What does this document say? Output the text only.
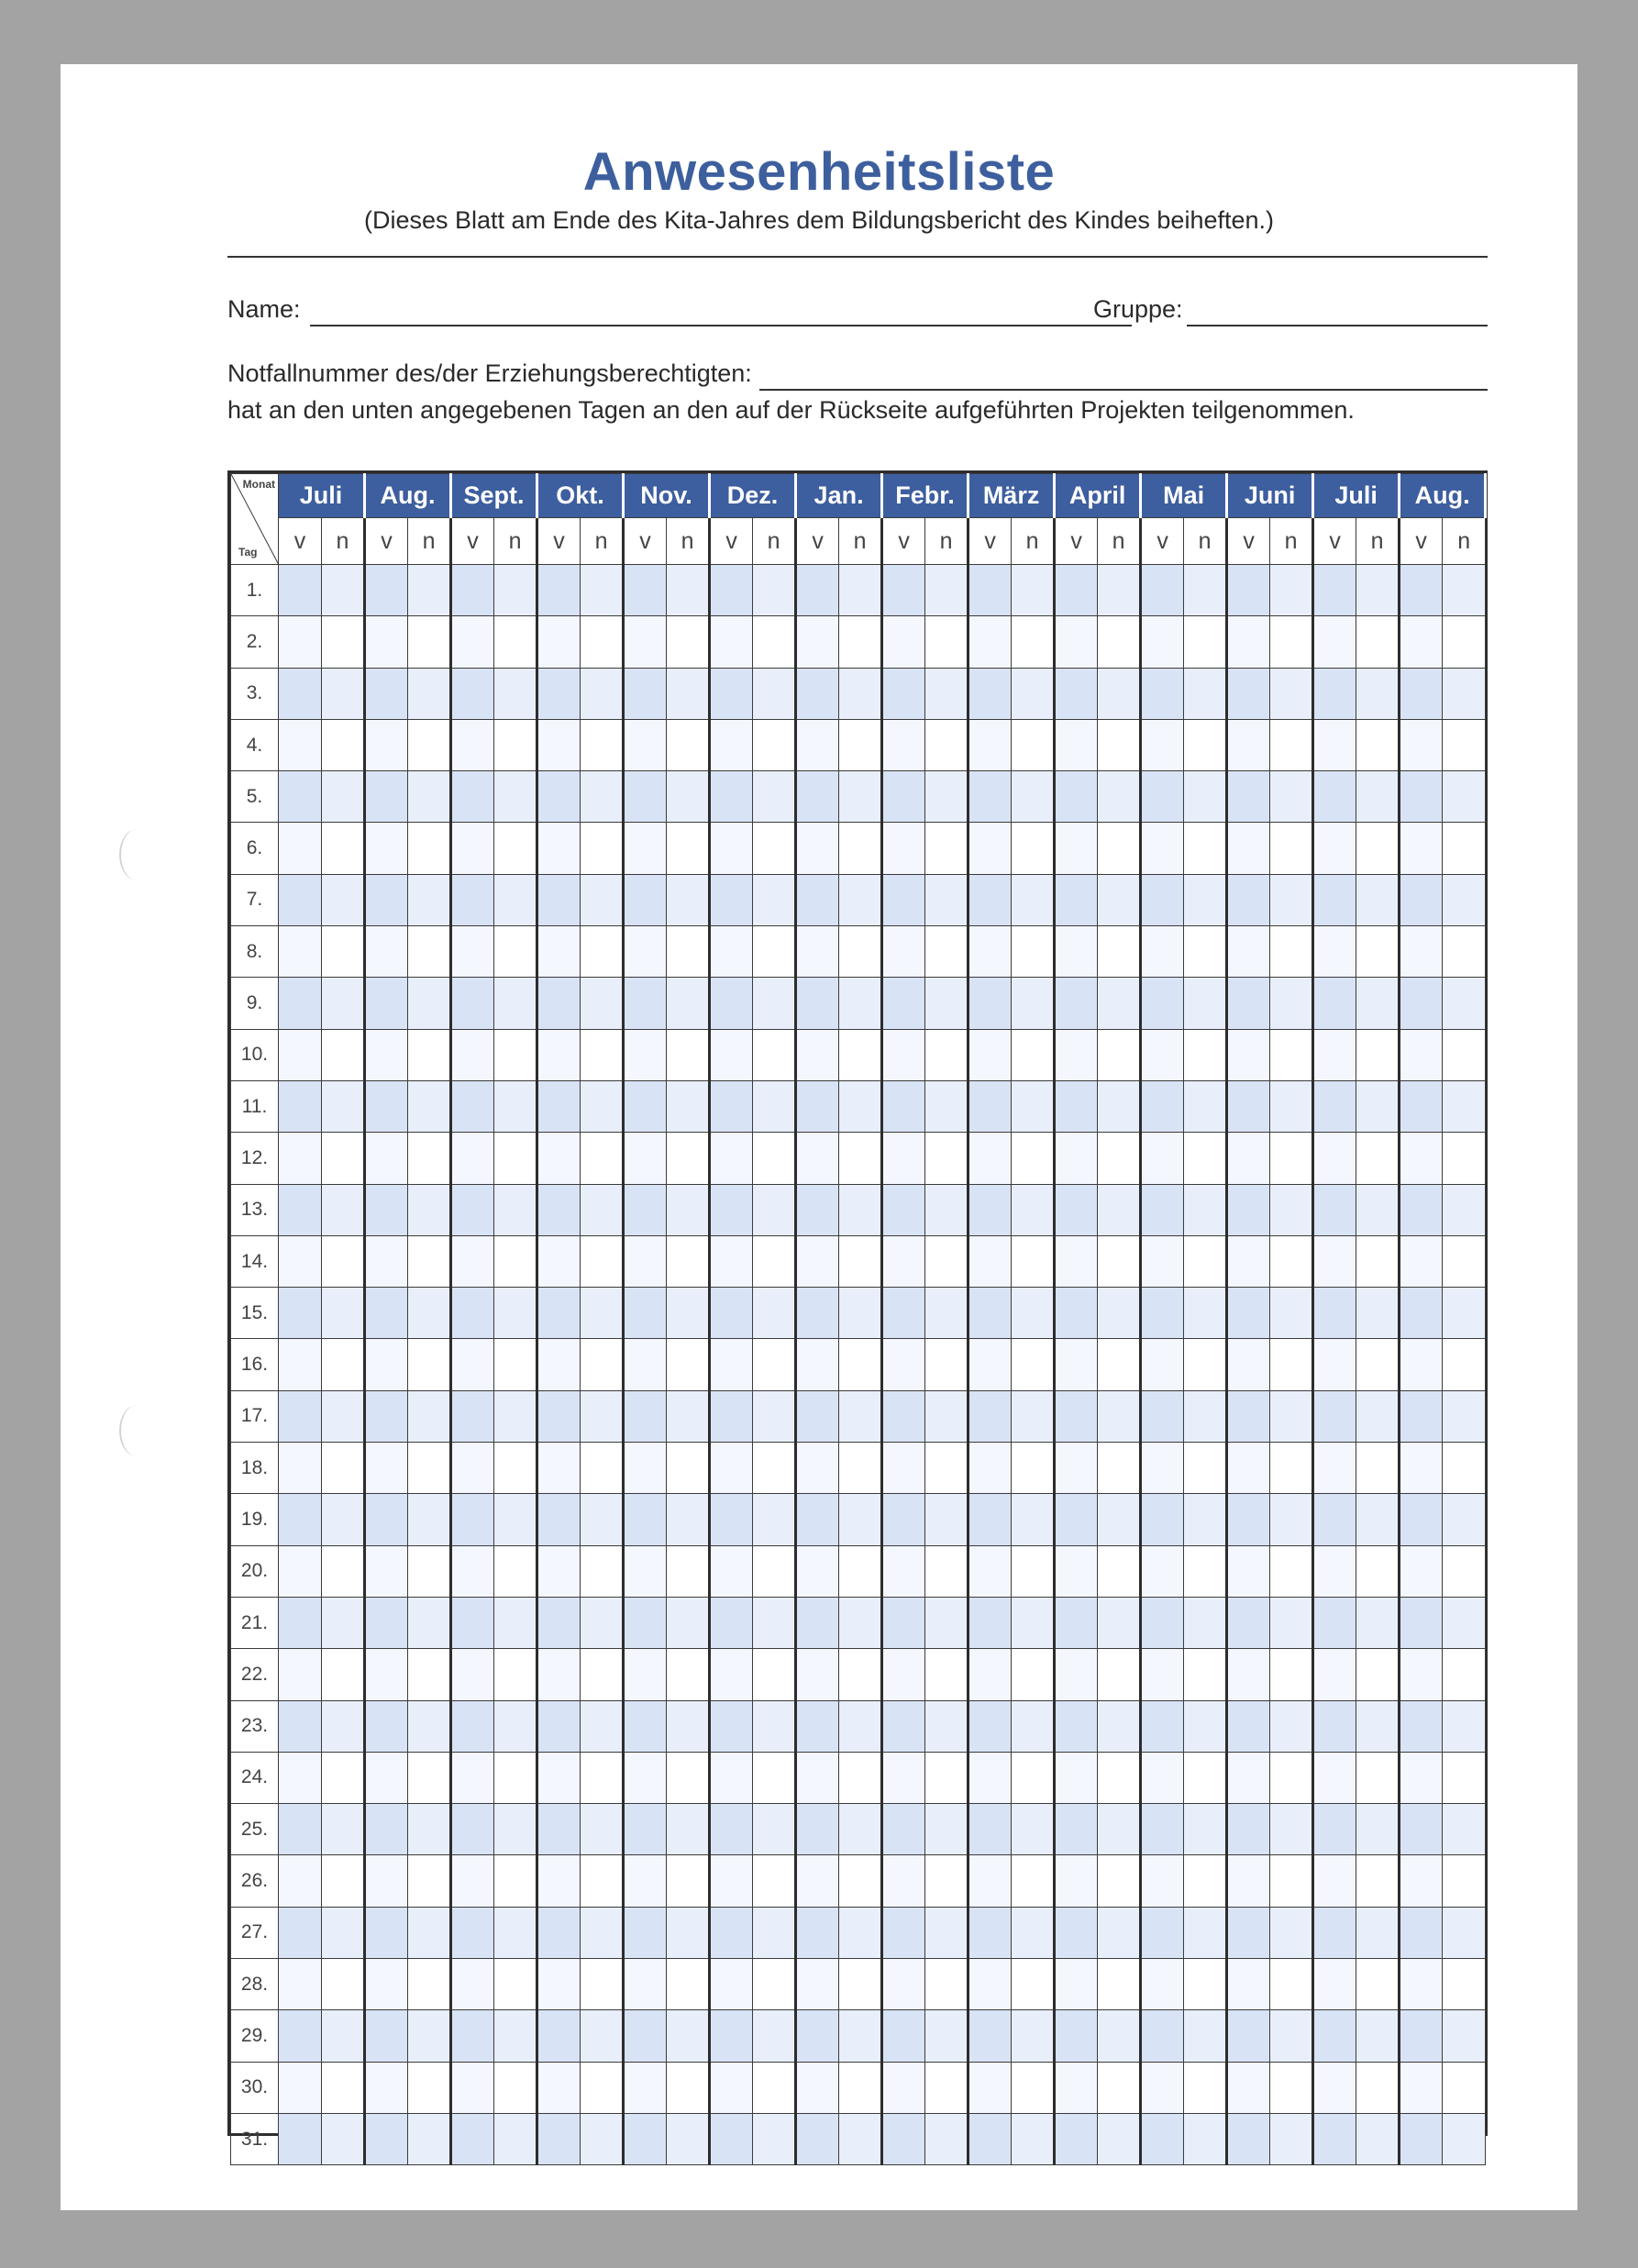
Anwesenheitsliste
(Dieses Blatt am Ende des Kita-Jahres dem Bildungsbericht des Kindes beiheften.)
Name:	Gruppe:
Notfallnummer des/der Erziehungsberechtigten:
hat an den unten angegebenen Tagen an den auf der Rückseite aufgeführten Projekten teilgenommen.
Monat
Tag	Juli		Aug.		Sept.		Okt.		Nov.		Dez.		Jan.		Febr.		März		April		Mai		Juni		Juli		Aug.	
	v	n	v	n	v	n	v	n	v	n	v	n	v	n	v	n	v	n	v	n	v	n	v	n	v	n	v	n
1.																												
2.																												
3.																												
4.																												
5.																												
6.																												
7.																												
8.																												
9.																												
10.																												
11.																												
12.																												
13.																												
14.																												
15.																												
16.																												
17.																												
18.																												
19.																												
20.																												
21.																												
22.																												
23.																												
24.																												
25.																												
26.																												
27.																												
28.																												
29.																												
30.																												
31.																												
